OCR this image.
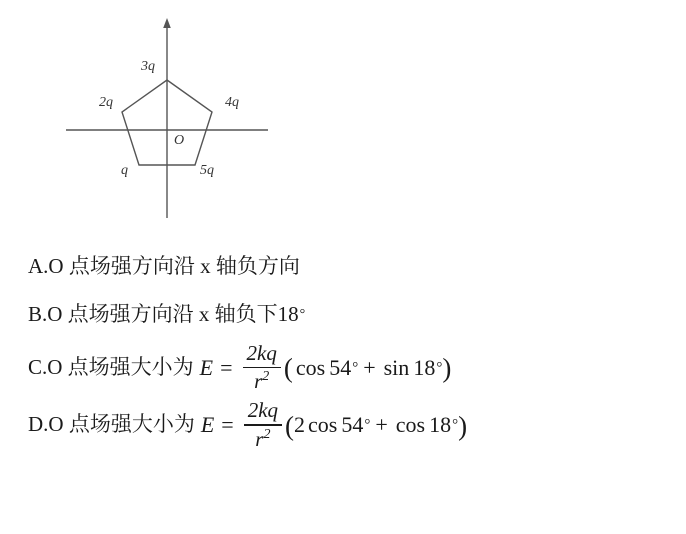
O
3q
2q	4q
q	5q
A.O 点场强方向沿 x 轴负方向
B.O 点场强方向沿 x 轴负下 18 °
C.O 点场强大小为 $E = \frac{2kq}{r^2}$ ( cos 54 ° + sin 18 ° )
D.O 点场强大小为 $E = \frac{2kq}{r^2}$ ( 2 cos 54 ° + cos 18 ° )
